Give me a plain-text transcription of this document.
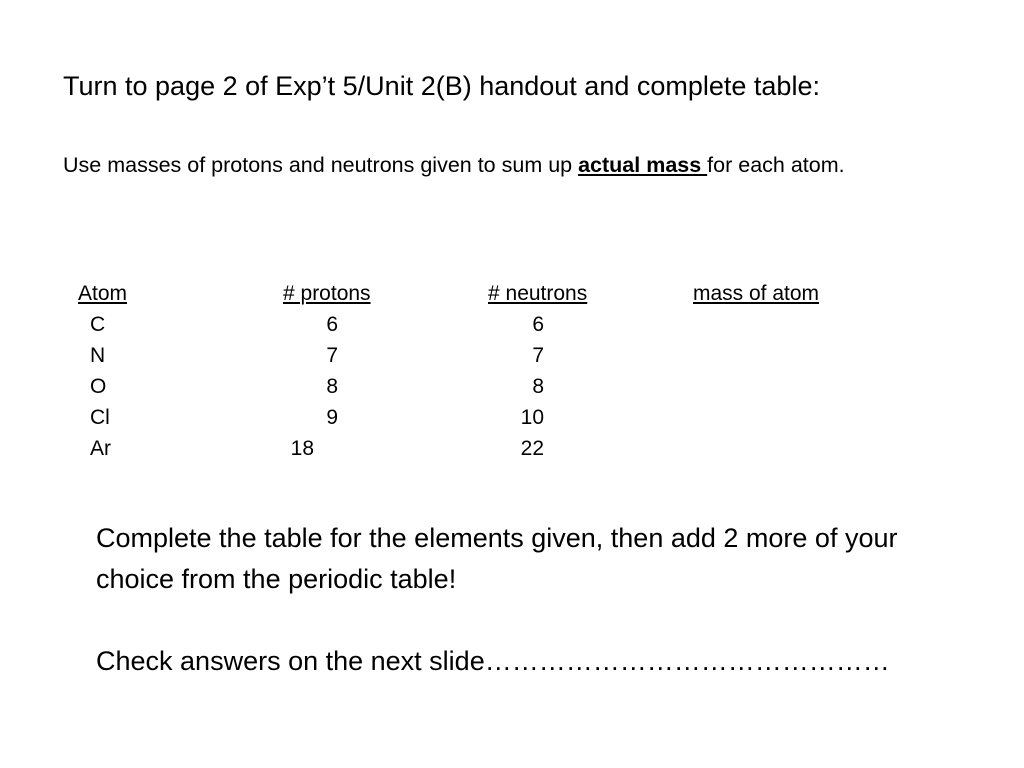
Turn to page 2 of Exp’t 5/Unit 2(B) handout and complete table:

Use masses of protons and neutrons given to sum up actual mass for each atom.

Atom	# protons	# neutrons	mass of atom
C	6	6
N	7	7
O	8	8
Cl	9	10
Ar	18	22

Complete the table for the elements given, then add 2 more of your choice from the periodic table!

Check answers on the next slide………………………………………
